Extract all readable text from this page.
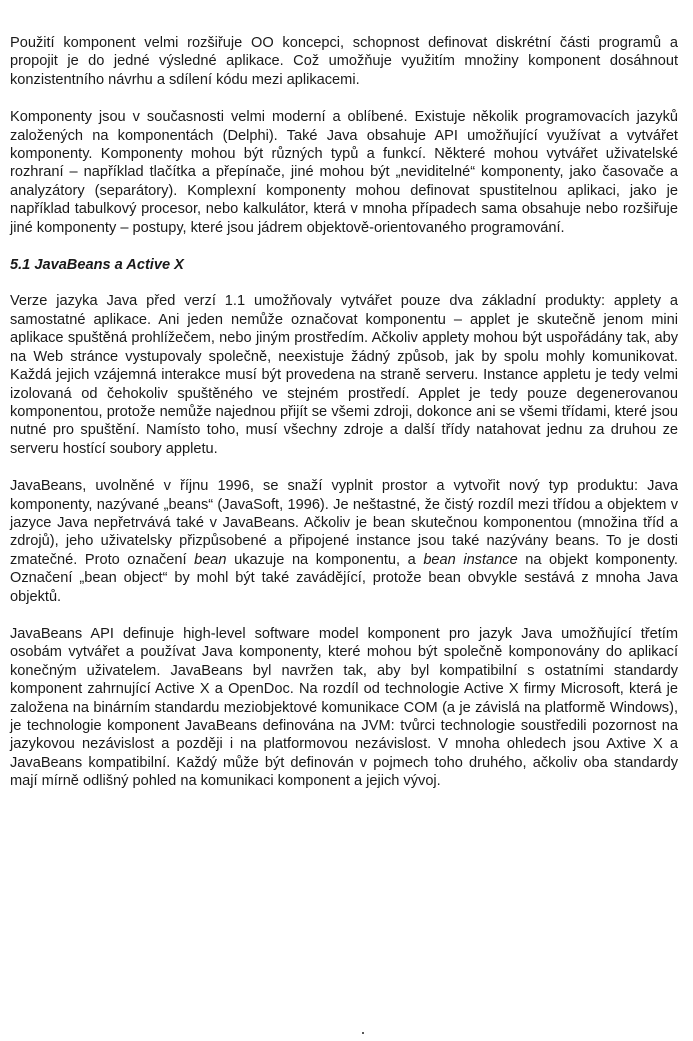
Použití komponent velmi rozšiřuje OO koncepci, schopnost definovat diskrétní části programů a propojit je do jedné výsledné aplikace. Což umožňuje využitím množiny komponent dosáhnout konzistentního návrhu a sdílení kódu mezi aplikacemi.

Komponenty jsou v současnosti velmi moderní a oblíbené. Existuje několik programovacích jazyků založených na komponentách (Delphi). Také Java obsahuje API umožňující využívat a vytvářet komponenty. Komponenty mohou být různých typů a funkcí. Některé mohou vytvářet uživatelské rozhraní – například tlačítka a přepínače, jiné mohou být „neviditelné“ komponenty, jako časovače a analyzátory (separátory). Komplexní komponenty mohou definovat spustitelnou aplikaci, jako je například tabulkový procesor, nebo kalkulátor, která v mnoha případech sama obsahuje nebo rozšiřuje jiné komponenty – postupy, které jsou jádrem objektově-orientovaného programování.

5.1 JavaBeans a Active X

Verze jazyka Java před verzí 1.1 umožňovaly vytvářet pouze dva základní produkty: applety a samostatné aplikace. Ani jeden nemůže označovat komponentu – applet je skutečně jenom mini aplikace spuštěná prohlížečem, nebo jiným prostředím. Ačkoliv applety mohou být uspořádány tak, aby na Web stránce vystupovaly společně, neexistuje žádný způsob, jak by spolu mohly komunikovat. Každá jejich vzájemná interakce musí být provedena na straně serveru. Instance appletu je tedy velmi izolovaná od čehokoliv spuštěného ve stejném prostředí. Applet je tedy pouze degenerovanou komponentou, protože nemůže najednou přijít se všemi zdroji, dokonce ani se všemi třídami, které jsou nutné pro spuštění. Namísto toho, musí všechny zdroje a další třídy natahovat jednu za druhou ze serveru hostící soubory appletu.

JavaBeans, uvolněné v říjnu 1996, se snaží vyplnit prostor a vytvořit nový typ produktu: Java komponenty, nazývané „beans“ (JavaSoft, 1996). Je neštastné, že čistý rozdíl mezi třídou a objektem v jazyce Java nepřetrvává také v JavaBeans. Ačkoliv je bean skutečnou komponentou (množina tříd a zdrojů), jeho uživatelsky přizpůsobené a připojené instance jsou také nazývány beans. To je dosti zmatečné. Proto označení bean ukazuje na komponentu, a bean instance na objekt komponenty. Označení „bean object“ by mohl být také zavádějící, protože bean obvykle sestává z mnoha Java objektů.

JavaBeans API definuje high-level software model komponent pro jazyk Java umožňující třetím osobám vytvářet a používat Java komponenty, které mohou být společně komponovány do aplikací konečným uživatelem. JavaBeans byl navržen tak, aby byl kompatibilní s ostatními standardy komponent zahrnující Active X a OpenDoc. Na rozdíl od technologie Active X firmy Microsoft, která je založena na binárním standardu meziobjektové komunikace COM (a je závislá na platformě Windows), je technologie komponent JavaBeans definována na JVM: tvůrci technologie soustředili pozornost na jazykovou nezávislost a později i na platformovou nezávislost. V mnoha ohledech jsou Axtive X a JavaBeans kompatibilní. Každý může být definován v pojmech toho druhého, ačkoliv oba standardy mají mírně odlišný pohled na komunikaci komponent a jejich vývoj.
